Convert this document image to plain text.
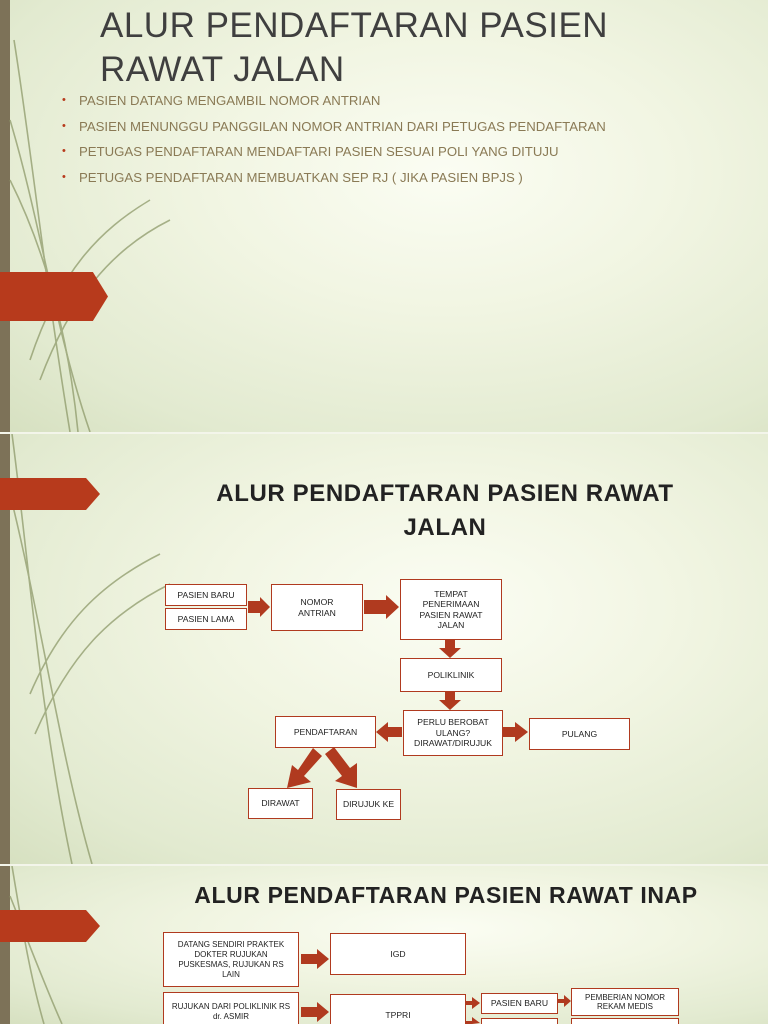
ALUR PENDAFTARAN PASIEN RAWAT JALAN
• PASIEN DATANG MENGAMBIL NOMOR ANTRIAN
• PASIEN MENUNGGU PANGGILAN NOMOR ANTRIAN DARI PETUGAS PENDAFTARAN
• PETUGAS PENDAFTARAN MENDAFTARI PASIEN SESUAI POLI YANG DITUJU
• PETUGAS PENDAFTARAN MEMBUATKAN SEP RJ ( JIKA PASIEN BPJS )
ALUR PENDAFTARAN PASIEN RAWAT JALAN
PASIEN BARU
PASIEN LAMA
NOMOR ANTRIAN
TEMPAT PENERIMAAN PASIEN RAWAT JALAN
POLIKLINIK
PERLU BEROBAT ULANG? DIRAWAT/DIRUJUK
PENDAFTARAN	PULANG
DIRAWAT	DIRUJUK KE
ALUR PENDAFTARAN PASIEN RAWAT INAP
DATANG SENDIRI PRAKTEK DOKTER RUJUKAN PUSKESMAS, RUJUKAN RS LAIN
IGD
RUJUKAN DARI POLIKLINIK RS dr. ASMIR	TPPRI
PASIEN BARU
PEMBERIAN NOMOR REKAM MEDIS
